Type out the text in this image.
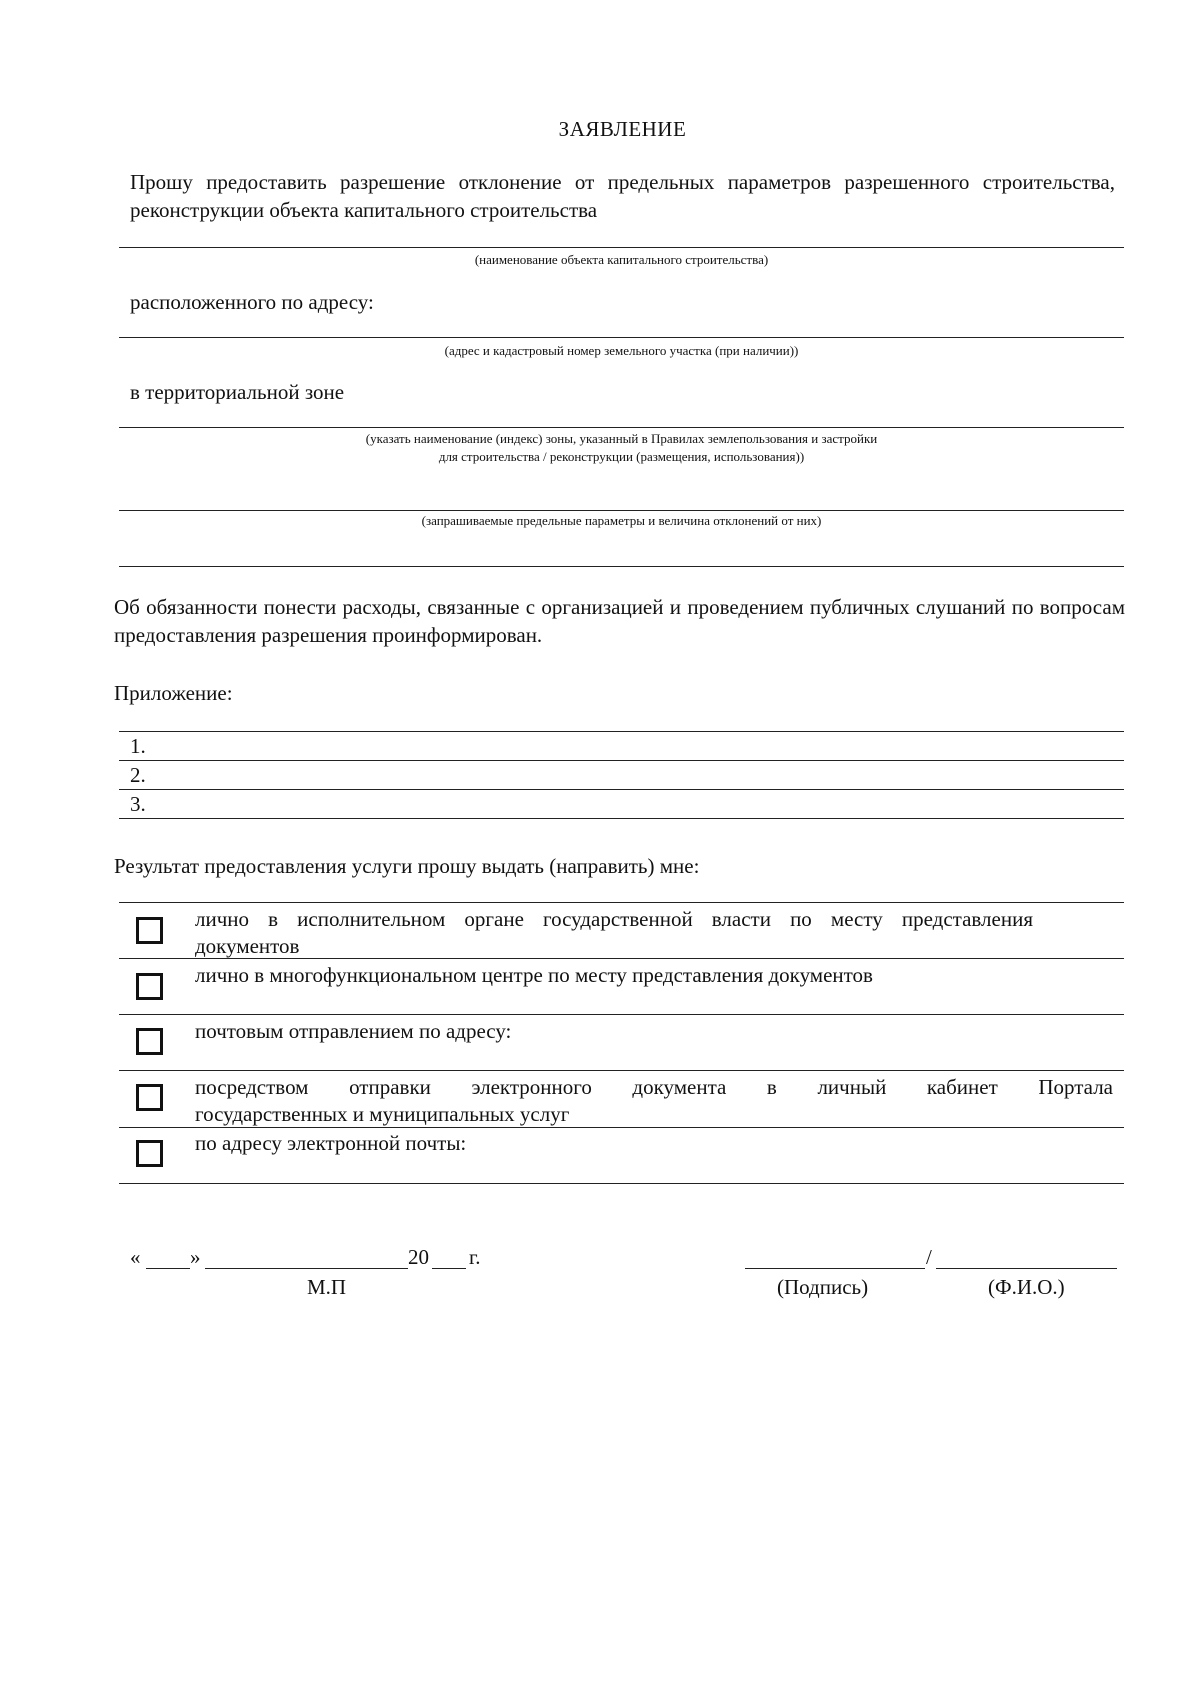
ЗАЯВЛЕНИЕ
Прошу предоставить разрешение отклонение от предельных параметров разрешенного строительства, реконструкции объекта капитального строительства
(наименование объекта капитального строительства)
расположенного по адресу:
(адрес и кадастровый номер земельного участка (при наличии))
в территориальной зоне
(указать наименование (индекс) зоны, указанный в Правилах землепользования и застройки
для строительства / реконструкции (размещения, использования))
(запрашиваемые предельные параметры и величина отклонений от них)
Об обязанности понести расходы, связанные с организацией и проведением публичных слушаний по вопросам предоставления разрешения проинформирован.
Приложение:
1.
2.
3.
Результат предоставления услуги прошу выдать (направить) мне:
лично в исполнительном органе государственной власти по месту представления
документов
лично в многофункциональном центре по месту представления документов
почтовым отправлением по адресу:
посредством отправки электронного документа в личный кабинет Портала
государственных и муниципальных услуг
по адресу электронной почты:
« »	20 г.
М.П
/
(Подпись)	(Ф.И.О.)
